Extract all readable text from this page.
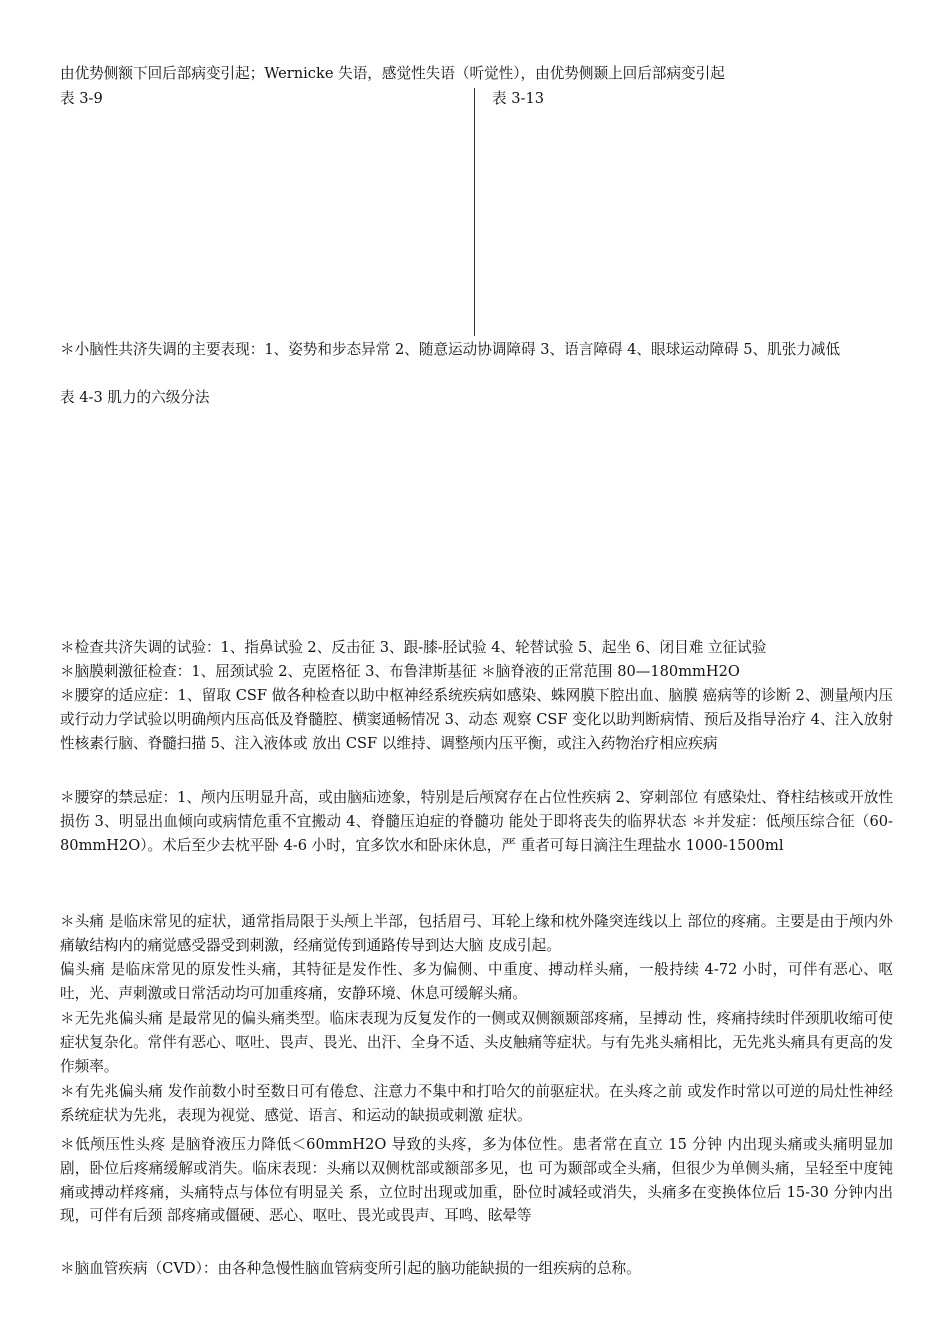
由优势侧额下回后部病变引起；Wernicke 失语，感觉性失语（听觉性），由优势侧颞上回后部病变引起
表 3-9	表 3-13
＊小脑性共济失调的主要表现：1、姿势和步态异常 2、随意运动协调障碍 3、语言障碍 4、眼球运动障碍 5、肌张力减低
表 4-3 肌力的六级分法
＊检查共济失调的试验：1、指鼻试验 2、反击征 3、跟-膝-胫试验 4、轮替试验 5、起坐 6、闭目难 立征试验
＊脑膜刺激征检查：1、屈颈试验 2、克匿格征 3、布鲁津斯基征 ＊脑脊液的正常范围 80—180mmH2O
＊腰穿的适应症：1、留取 CSF 做各种检查以助中枢神经系统疾病如感染、蛛网膜下腔出血、脑膜 癌病等的诊断 2、测量颅内压或行动力学试验以明确颅内压高低及脊髓腔、横窦通畅情况 3、动态 观察 CSF 变化以助判断病情、预后及指导治疗 4、注入放射性核素行脑、脊髓扫描 5、注入液体或 放出 CSF 以维持、调整颅内压平衡，或注入药物治疗相应疾病
＊腰穿的禁忌症：1、颅内压明显升高，或由脑疝迹象，特别是后颅窝存在占位性疾病 2、穿刺部位 有感染灶、脊柱结核或开放性损伤 3、明显出血倾向或病情危重不宜搬动 4、脊髓压迫症的脊髓功 能处于即将丧失的临界状态 ＊并发症：低颅压综合征（60-80mmH2O）。术后至少去枕平卧 4-6 小时，宜多饮水和卧床休息，严 重者可每日滴注生理盐水 1000-1500ml
＊头痛 是临床常见的症状，通常指局限于头颅上半部，包括眉弓、耳轮上缘和枕外隆突连线以上 部位的疼痛。主要是由于颅内外痛敏结构内的痛觉感受器受到刺激，经痛觉传到通路传导到达大脑 皮成引起。
偏头痛 是临床常见的原发性头痛，其特征是发作性、多为偏侧、中重度、搏动样头痛，一般持续 4-72 小时，可伴有恶心、呕吐，光、声刺激或日常活动均可加重疼痛，安静环境、休息可缓解头痛。
＊无先兆偏头痛 是最常见的偏头痛类型。临床表现为反复发作的一侧或双侧额颞部疼痛，呈搏动 性，疼痛持续时伴颈肌收缩可使症状复杂化。常伴有恶心、呕吐、畏声、畏光、出汗、全身不适、头皮触痛等症状。与有先兆头痛相比，无先兆头痛具有更高的发作频率。
＊有先兆偏头痛 发作前数小时至数日可有倦怠、注意力不集中和打哈欠的前驱症状。在头疼之前 或发作时常以可逆的局灶性神经系统症状为先兆，表现为视觉、感觉、语言、和运动的缺损或刺激 症状。
＊低颅压性头疼 是脑脊液压力降低＜60mmH2O 导致的头疼，多为体位性。患者常在直立 15 分钟 内出现头痛或头痛明显加剧，卧位后疼痛缓解或消失。临床表现：头痛以双侧枕部或额部多见，也 可为颞部或全头痛，但很少为单侧头痛，呈轻至中度钝痛或搏动样疼痛，头痛特点与体位有明显关 系，立位时出现或加重，卧位时减轻或消失，头痛多在变换体位后 15-30 分钟内出现，可伴有后颈 部疼痛或僵硬、恶心、呕吐、畏光或畏声、耳鸣、眩晕等
＊脑血管疾病（CVD）：由各种急慢性脑血管病变所引起的脑功能缺损的一组疾病的总称。
